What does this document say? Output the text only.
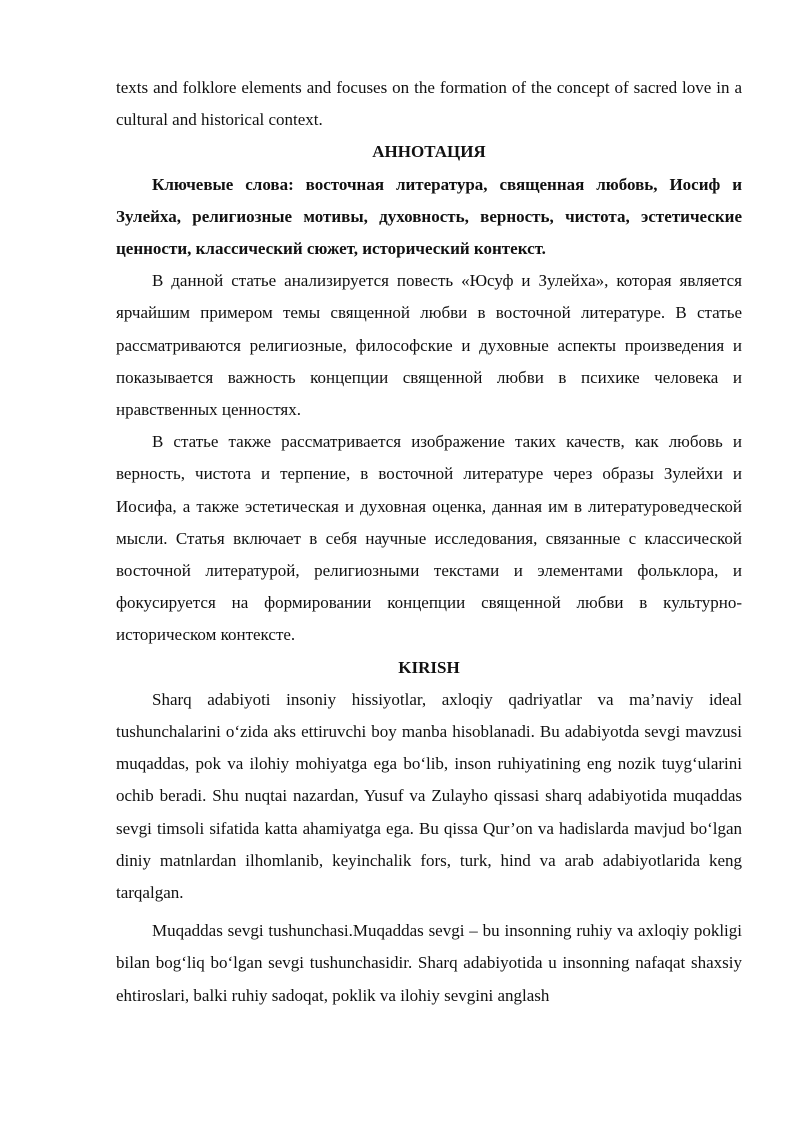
texts and folklore elements and focuses on the formation of the concept of sacred love in a cultural and historical context.

АННОТАЦИЯ

Ключевые слова: восточная литература, священная любовь, Иосиф и Зулейха, религиозные мотивы, духовность, верность, чистота, эстетические ценности, классический сюжет, исторический контекст.

В данной статье анализируется повесть «Юсуф и Зулейха», которая является ярчайшим примером темы священной любви в восточной литературе. В статье рассматриваются религиозные, философские и духовные аспекты произведения и показывается важность концепции священной любви в психике человека и нравственных ценностях.

В статье также рассматривается изображение таких качеств, как любовь и верность, чистота и терпение, в восточной литературе через образы Зулейхи и Иосифа, а также эстетическая и духовная оценка, данная им в литературоведческой мысли. Статья включает в себя научные исследования, связанные с классической восточной литературой, религиозными текстами и элементами фольклора, и фокусируется на формировании концепции священной любви в культурно-историческом контексте.

KIRISH

Sharq adabiyoti insoniy hissiyotlar, axloqiy qadriyatlar va ma’naviy ideal tushunchalarini o‘zida aks ettiruvchi boy manba hisoblanadi. Bu adabiyotda sevgi mavzusi muqaddas, pok va ilohiy mohiyatga ega bo‘lib, inson ruhiyatining eng nozik tuyg‘ularini ochib beradi. Shu nuqtai nazardan, Yusuf va Zulayho qissasi sharq adabiyotida muqaddas sevgi timsoli sifatida katta ahamiyatga ega. Bu qissa Qur’on va hadislarda mavjud bo‘lgan diniy matnlardan ilhomlanib, keyinchalik fors, turk, hind va arab adabiyotlarida keng tarqalgan.

Muqaddas sevgi tushunchasi.Muqaddas sevgi – bu insonning ruhiy va axloqiy pokligi bilan bog‘liq bo‘lgan sevgi tushunchasidir. Sharq adabiyotida u insonning nafaqat shaxsiy ehtiroslari, balki ruhiy sadoqat, poklik va ilohiy sevgini anglash
